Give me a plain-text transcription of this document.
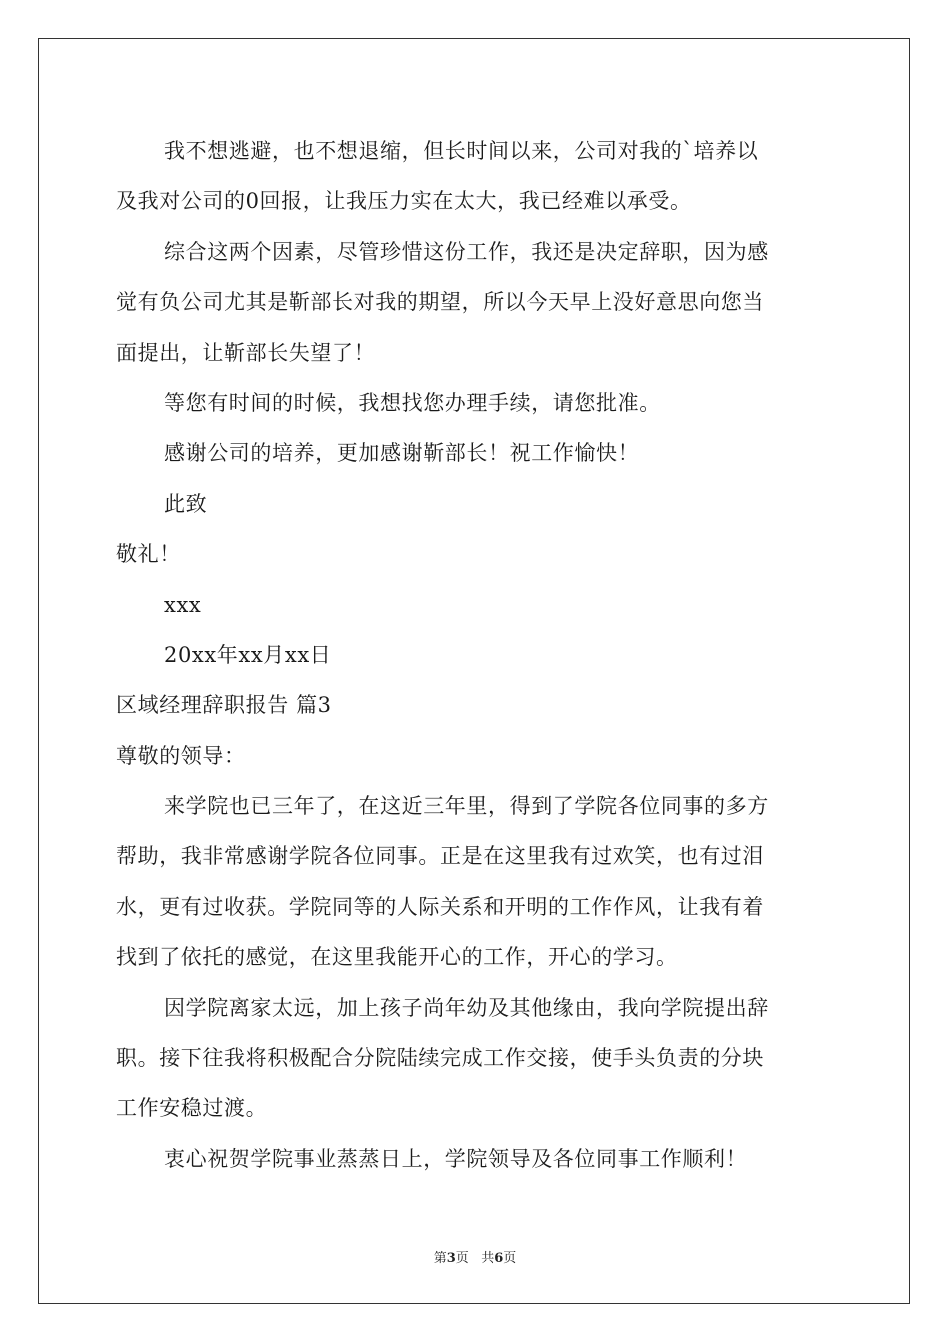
我不想逃避，也不想退缩，但长时间以来，公司对我的`培养以
及我对公司的0回报，让我压力实在太大，我已经难以承受。
综合这两个因素，尽管珍惜这份工作，我还是决定辞职，因为感
觉有负公司尤其是靳部长对我的期望，所以今天早上没好意思向您当
面提出，让靳部长失望了！
等您有时间的时候，我想找您办理手续，请您批准。
感谢公司的培养，更加感谢靳部长！祝工作愉快！
此致
敬礼！
xxx
20xx年xx月xx日
区域经理辞职报告 篇3
尊敬的领导：
来学院也已三年了，在这近三年里，得到了学院各位同事的多方
帮助，我非常感谢学院各位同事。正是在这里我有过欢笑，也有过泪
水，更有过收获。学院同等的人际关系和开明的工作作风，让我有着
找到了依托的感觉，在这里我能开心的工作，开心的学习。
因学院离家太远，加上孩子尚年幼及其他缘由，我向学院提出辞
职。接下往我将积极配合分院陆续完成工作交接，使手头负责的分块
工作安稳过渡。
衷心祝贺学院事业蒸蒸日上，学院领导及各位同事工作顺利！
第3页 共6页
